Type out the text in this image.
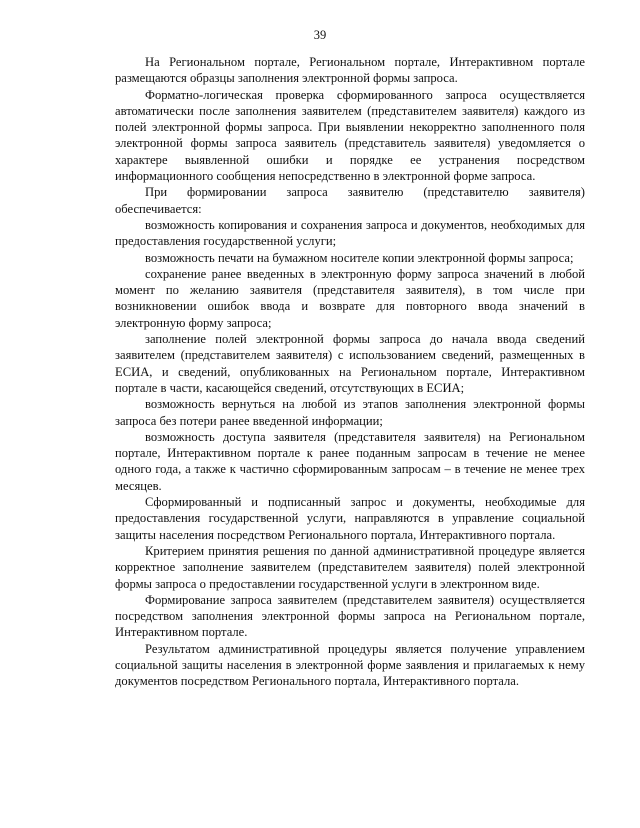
39

На Региональном портале, Региональном портале, Интерактивном портале размещаются образцы заполнения электронной формы запроса.

Форматно-логическая проверка сформированного запроса осуществляется автоматически после заполнения заявителем (представителем заявителя) каждого из полей электронной формы запроса. При выявлении некорректно заполненного поля электронной формы запроса заявитель (представитель заявителя) уведомляется о характере выявленной ошибки и порядке ее устранения посредством информационного сообщения непосредственно в электронной форме запроса.

При формировании запроса заявителю (представителю заявителя) обеспечивается:

возможность копирования и сохранения запроса и документов, необходимых для предоставления государственной услуги;

возможность печати на бумажном носителе копии электронной формы запроса;

сохранение ранее введенных в электронную форму запроса значений в любой момент по желанию заявителя (представителя заявителя), в том числе при возникновении ошибок ввода и возврате для повторного ввода значений в электронную форму запроса;

заполнение полей электронной формы запроса до начала ввода сведений заявителем (представителем заявителя) с использованием сведений, размещенных в ЕСИА, и сведений, опубликованных на Региональном портале, Интерактивном портале в части, касающейся сведений, отсутствующих в ЕСИА;

возможность вернуться на любой из этапов заполнения электронной формы запроса без потери ранее введенной информации;

возможность доступа заявителя (представителя заявителя) на Региональном портале, Интерактивном портале к ранее поданным запросам в течение не менее одного года, а также к частично сформированным запросам – в течение не менее трех месяцев.

Сформированный и подписанный запрос и документы, необходимые для предоставления государственной услуги, направляются в управление социальной защиты населения посредством Регионального портала, Интерактивного портала.

Критерием принятия решения по данной административной процедуре является корректное заполнение заявителем (представителем заявителя) полей электронной формы запроса о предоставлении государственной услуги в электронном виде.

Формирование запроса заявителем (представителем заявителя) осуществляется посредством заполнения электронной формы запроса на Региональном портале, Интерактивном портале.

Результатом административной процедуры является получение управлением социальной защиты населения в электронной форме заявления и прилагаемых к нему документов посредством Регионального портала, Интерактивного портала.
